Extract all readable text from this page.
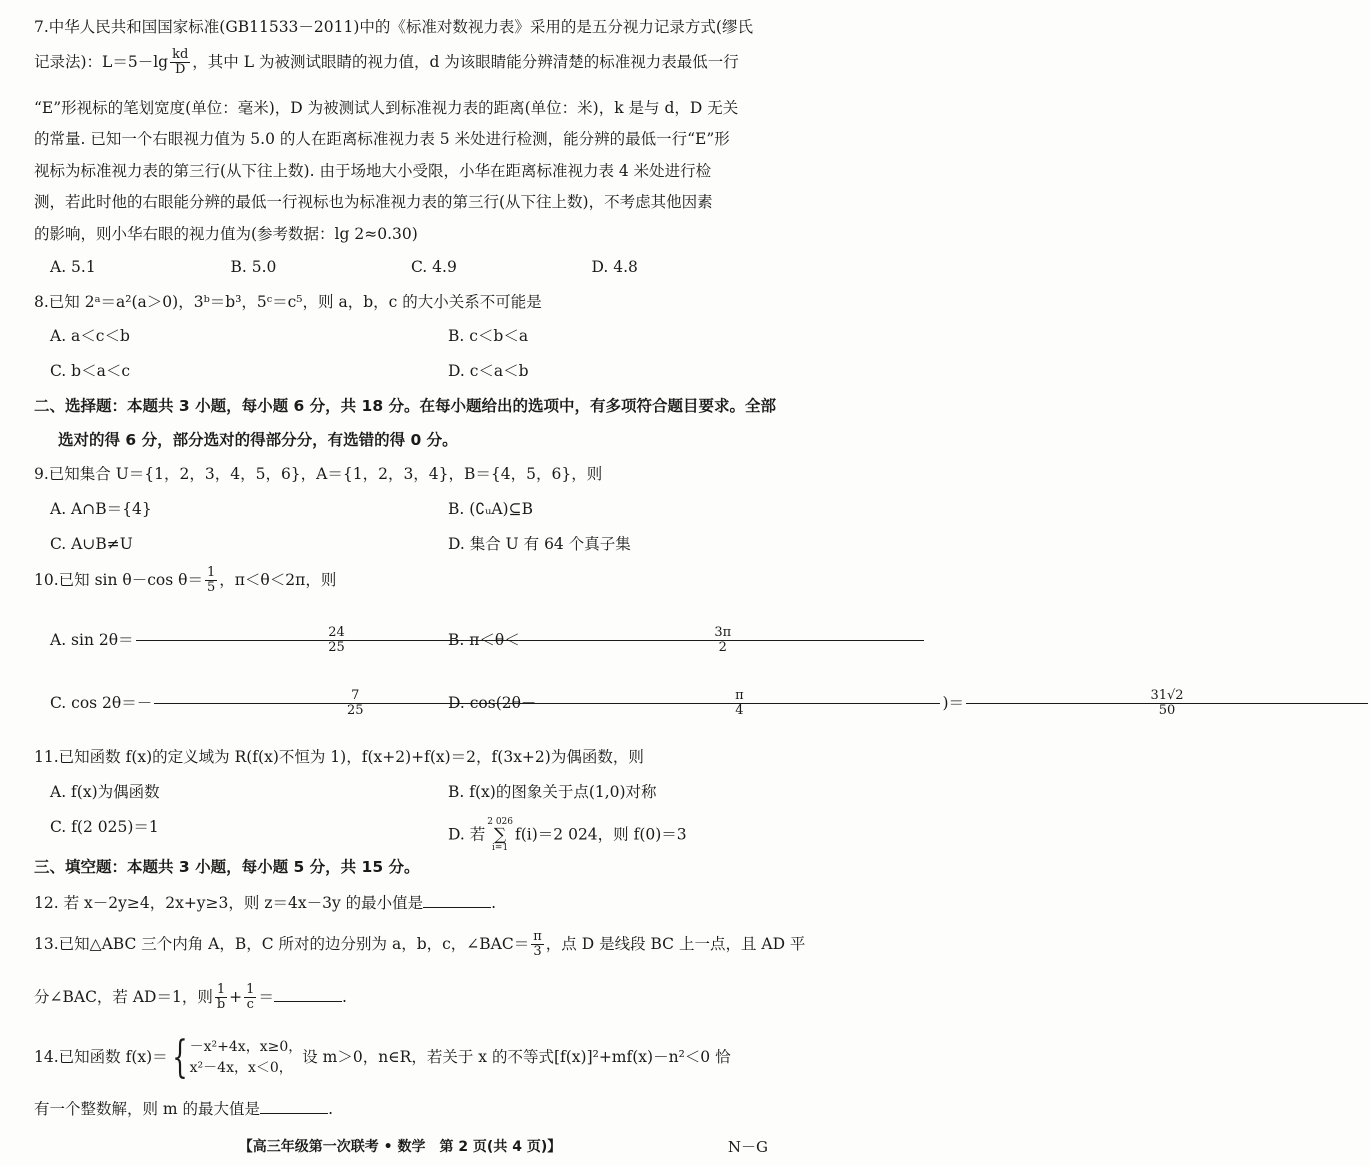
7.中华人民共和国国家标准(GB11533－2011)中的《标准对数视力表》采用的是五分视力记录方式(缪氏
记录法)：$L=5-\lg \frac{kd}{D}$ ，其中 L 为被测试眼睛的视力值，d 为该眼睛能分辨清楚的标准视力表最低一行
“E”形视标的笔划宽度(单位：毫米)，D 为被测试人到标准视力表的距离(单位：米)，k 是与 d，D 无关
的常量. 已知一个右眼视力值为 5.0 的人在距离标准视力表 5 米处进行检测，能分辨的最低一行“E”形
视标为标准视力表的第三行(从下往上数). 由于场地大小受限，小华在距离标准视力表 4 米处进行检
测，若此时他的右眼能分辨的最低一行视标也为标准视力表的第三行(从下往上数)，不考虑其他因素
的影响，则小华右眼的视力值为(参考数据：lg 2≈0.30)
A. 5.1	B. 5.0	C. 4.9	D. 4.8
8.已知 2ᵃ＝a²(a＞0)，3ᵇ＝b³，5ᶜ＝c⁵，则 a，b，c 的大小关系不可能是
A. a＜c＜b	B. c＜b＜a
C. b＜a＜c	D. c＜a＜b
二、选择题：本题共 3 小题，每小题 6 分，共 18 分。在每小题给出的选项中，有多项符合题目要求。全部
选对的得 6 分，部分选对的得部分分，有选错的得 0 分。
9.已知集合 U＝{1，2，3，4，5，6}，A＝{1，2，3，4}，B＝{4，5，6}，则
A. A∩B＝{4}	B. (∁ᵤA)⊆B
C. A∪B≠U	D. 集合 U 有 64 个真子集
10.已知 sin θ－cos $\theta= \frac{1}{5}$ ，π＜θ＜2π，则
A. $\sin 2\theta= \frac{24}{25}$
B. $\pi<\theta< \frac{3\pi}{2}$
C. $\cos 2\theta=- \frac{7}{25}$
D. $\cos(2\theta- \frac{\pi}{4}$ )＝ $\frac{31√2}{50}$
11.已知函数 f(x)的定义域为 R(f(x)不恒为 1)，f(x+2)+f(x)＝2，f(3x+2)为偶函数，则
A. f(x)为偶函数	B. f(x)的图象关于点(1,0)对称
C. f(2 025)＝1	D. 若2 026
∑
i=1f(i)＝2 024，则 f(0)＝3
三、填空题：本题共 3 小题，每小题 5 分，共 15 分。
12. 若 x－2y≥4，2x+y≥3，则 z＝4x－3y 的最小值是	.
13.已知△ABC 三个内角 A，B，C 所对的边分别为 a，b，c，∠BAC＝ $\frac{\pi}{3}$ ，点 D 是线段 BC 上一点，且 AD 平
分∠BAC，若 AD＝1，则 $\frac{1}{b} + \frac{1}{c}$ ＝	.
14.已知函数 f(x)＝{ －x²+4x，x≥0，
x²－4x，x＜0，
设 m＞0，n∈R，若关于 x 的不等式[f(x)]²+mf(x)－n²＜0 恰
有一个整数解，则 m 的最大值是	.
【高三年级第一次联考 • 数学　第 2 页(共 4 页)】	N－G
